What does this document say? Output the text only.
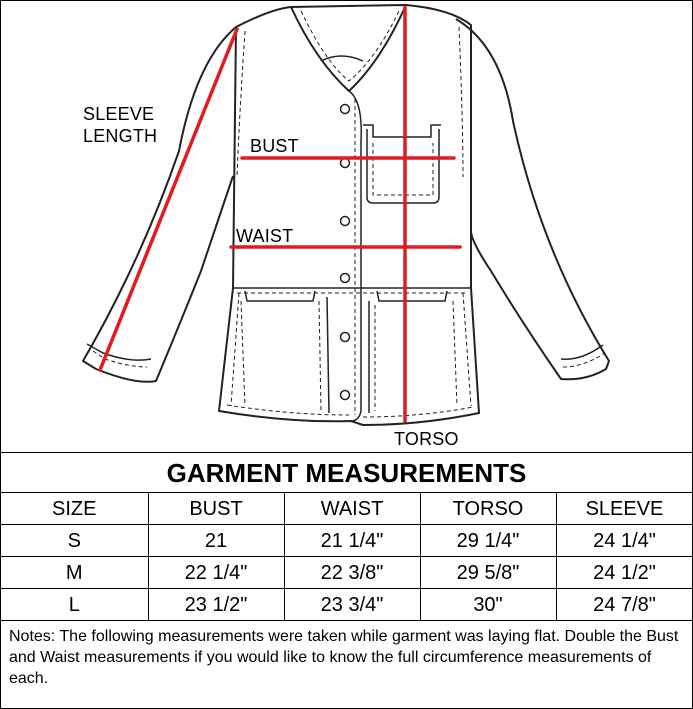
SLEEVE
LENGTH	BUST
WAIST
TORSO
GARMENT MEASUREMENTS
SIZE	BUST	WAIST	TORSO	SLEEVE
S	21	21 1/4"	29 1/4"	24 1/4"
M	22 1/4"	22 3/8"	29 5/8"	24 1/2"
L	23 1/2"	23 3/4"	30"	24 7/8"
Notes: The following measurements were taken while garment was laying flat. Double the Bust and Waist measurements if you would like to know the full circumference measurements of each.
